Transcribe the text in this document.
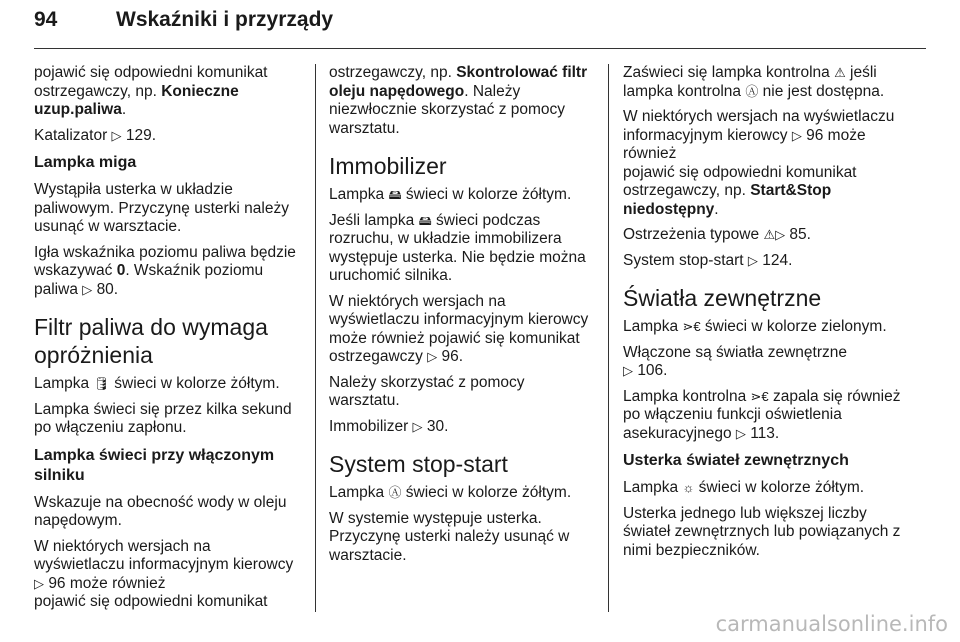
94	Wskaźniki i przyrządy

pojawić się odpowiedni komunikat ostrzegawczy, np. Konieczne uzup.paliwa.

Katalizator ▷ 129.

Lampka miga

Wystąpiła usterka w układzie paliwowym. Przyczynę usterki należy usunąć w warsztacie.

Igła wskaźnika poziomu paliwa będzie wskazywać 0. Wskaźnik poziomu paliwa ▷ 80.

Filtr paliwa do wymaga opróżnienia

Lampka 🛢 świeci w kolorze żółtym.

Lampka świeci się przez kilka sekund po włączeniu zapłonu.

Lampka świeci przy włączonym silniku

Wskazuje na obecność wody w oleju napędowym.

W niektórych wersjach na wyświetlaczu informacyjnym kierowcy ▷ 96 może również
pojawić się odpowiedni komunikat

ostrzegawczy, np. Skontrolować filtr oleju napędowego. Należy niezwłocznie skorzystać z pomocy warsztatu.

Immobilizer

Lampka 🖴 świeci w kolorze żółtym.

Jeśli lampka 🖴 świeci podczas rozruchu, w układzie immobilizera występuje usterka. Nie będzie można uruchomić silnika.

W niektórych wersjach na wyświetlaczu informacyjnym kierowcy może również pojawić się komunikat ostrzegawczy ▷ 96.

Należy skorzystać z pomocy warsztatu.

Immobilizer ▷ 30.

System stop-start

Lampka Ⓐ świeci w kolorze żółtym.

W systemie występuje usterka. Przyczynę usterki należy usunąć w warsztacie.

Zaświeci się lampka kontrolna ⚠ jeśli lampka kontrolna Ⓐ nie jest dostępna.

W niektórych wersjach na wyświetlaczu informacyjnym kierowcy ▷ 96 może również
pojawić się odpowiedni komunikat ostrzegawczy, np. Start&Stop niedostępny.

Ostrzeżenia typowe ⚠▷ 85.

System stop-start ▷ 124.

Światła zewnętrzne

Lampka ⋗€ świeci w kolorze zielonym.

Włączone są światła zewnętrzne
▷ 106.

Lampka kontrolna ⋗€ zapala się również po włączeniu funkcji oświetlenia asekuracyjnego ▷ 113.

Usterka świateł zewnętrznych

Lampka ☼ świeci w kolorze żółtym.

Usterka jednego lub większej liczby świateł zewnętrznych lub powiązanych z nimi bezpieczników.

carmanualsonline.info
